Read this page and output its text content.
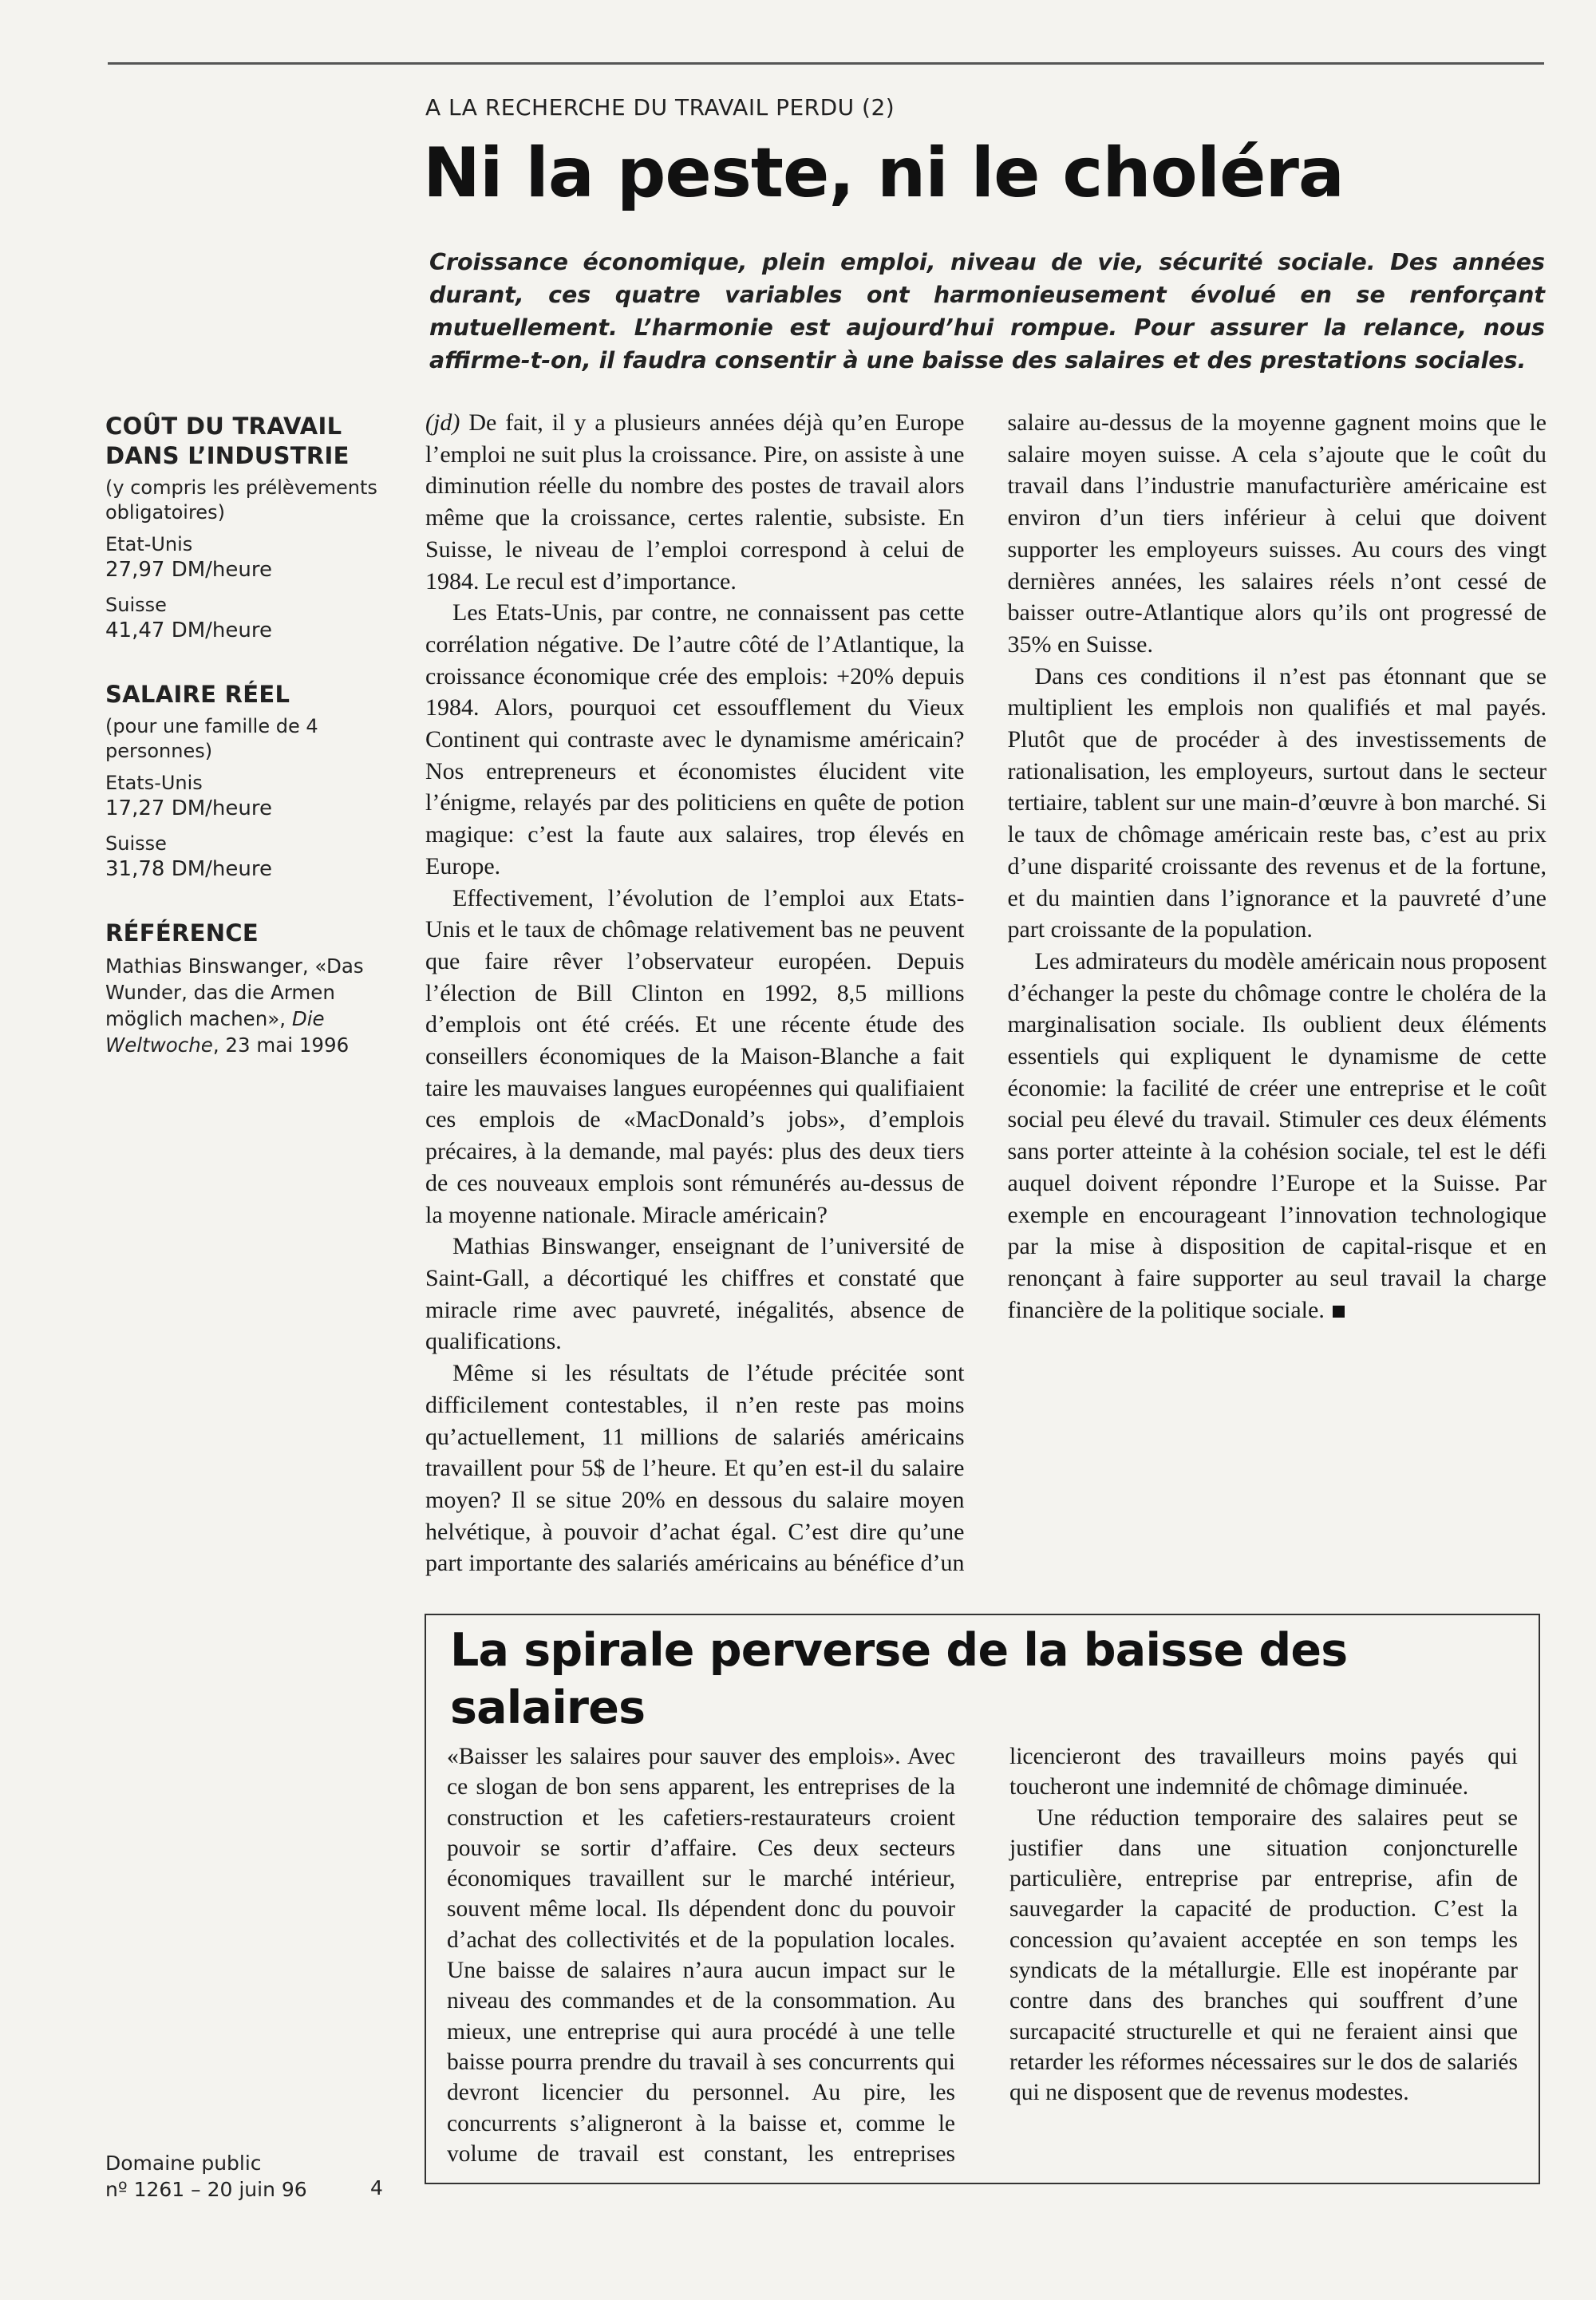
A LA RECHERCHE DU TRAVAIL PERDU (2)
Ni la peste, ni le choléra
Croissance économique, plein emploi, niveau de vie, sécurité sociale. Des années durant, ces quatre variables ont harmonieusement évolué en se renforçant mutuellement. L’harmonie est aujourd’hui rompue. Pour assurer la relance, nous affirme-t-on, il faudra consentir à une baisse des salaires et des prestations sociales.
COÛT DU TRAVAIL DANS L’INDUSTRIE
(y compris les prélèvements obligatoires)
Etat-Unis
27,97 DM/heure
Suisse
41,47 DM/heure
SALAIRE RÉEL
(pour une famille de 4 personnes)
Etats-Unis
17,27 DM/heure
Suisse
31,78 DM/heure
RÉFÉRENCE
Mathias Binswanger, «Das Wunder, das die Armen möglich machen», Die Weltwoche, 23 mai 1996

(jd) De fait, il y a plusieurs années déjà qu’en Europe l’emploi ne suit plus la croissance. Pire, on assiste à une diminution réelle du nombre des postes de travail alors même que la croissance, certes ralentie, subsiste. En Suisse, le niveau de l’emploi correspond à celui de 1984. Le recul est d’importance.

Les Etats-Unis, par contre, ne connaissent pas cette corrélation négative. De l’autre côté de l’Atlantique, la croissance économique crée des emplois: +20% depuis 1984. Alors, pourquoi cet essoufflement du Vieux Continent qui contraste avec le dynamisme américain? Nos entrepreneurs et économistes élucident vite l’énigme, relayés par des politiciens en quête de potion magique: c’est la faute aux salaires, trop élevés en Europe.

Effectivement, l’évolution de l’emploi aux Etats-Unis et le taux de chômage relativement bas ne peuvent que faire rêver l’observateur européen. Depuis l’élection de Bill Clinton en 1992, 8,5 millions d’emplois ont été créés. Et une récente étude des conseillers économiques de la Maison-Blanche a fait taire les mauvaises langues européennes qui qualifiaient ces emplois de «MacDonald’s jobs», d’emplois précaires, à la demande, mal payés: plus des deux tiers de ces nouveaux emplois sont rémunérés au-dessus de la moyenne nationale. Miracle américain?

Mathias Binswanger, enseignant de l’université de Saint-Gall, a décortiqué les chiffres et constaté que miracle rime avec pauvreté, inégalités, absence de qualifications.

Même si les résultats de l’étude précitée sont difficilement contestables, il n’en reste pas moins qu’actuellement, 11 millions de salariés américains travaillent pour 5$ de l’heure. Et qu’en est-il du salaire moyen? Il se situe 20% en dessous du salaire moyen helvétique, à pouvoir d’achat égal. C’est dire qu’une part importante des salariés américains au bénéfice d’un salaire au-dessus de la moyenne gagnent moins que le salaire moyen suisse. A cela s’ajoute que le coût du travail dans l’industrie manufacturière américaine est environ d’un tiers inférieur à celui que doivent supporter les employeurs suisses. Au cours des vingt dernières années, les salaires réels n’ont cessé de baisser outre-Atlantique alors qu’ils ont progressé de 35% en Suisse.

Dans ces conditions il n’est pas étonnant que se multiplient les emplois non qualifiés et mal payés. Plutôt que de procéder à des investissements de rationalisation, les employeurs, surtout dans le secteur tertiaire, tablent sur une main-d’œuvre à bon marché. Si le taux de chômage américain reste bas, c’est au prix d’une disparité croissante des revenus et de la fortune, et du maintien dans l’ignorance et la pauvreté d’une part croissante de la population.

Les admirateurs du modèle américain nous proposent d’échanger la peste du chômage contre le choléra de la marginalisation sociale. Ils oublient deux éléments essentiels qui expliquent le dynamisme de cette économie: la facilité de créer une entreprise et le coût social peu élevé du travail. Stimuler ces deux éléments sans porter atteinte à la cohésion sociale, tel est le défi auquel doivent répondre l’Europe et la Suisse. Par exemple en encourageant l’innovation technologique par la mise à disposition de capital-risque et en renonçant à faire supporter au seul travail la charge financière de la politique sociale.

La spirale perverse de la baisse des salaires

«Baisser les salaires pour sauver des emplois». Avec ce slogan de bon sens apparent, les entreprises de la construction et les cafetiers-restaurateurs croient pouvoir se sortir d’affaire. Ces deux secteurs économiques travaillent sur le marché intérieur, souvent même local. Ils dépendent donc du pouvoir d’achat des collectivités et de la population locales. Une baisse de salaires n’aura aucun impact sur le niveau des commandes et de la consommation. Au mieux, une entreprise qui aura procédé à une telle baisse pourra prendre du travail à ses concurrents qui devront licencier du personnel. Au pire, les concurrents s’aligneront à la baisse et, comme le volume de travail est constant, les entreprises licencieront des travailleurs moins payés qui toucheront une indemnité de chômage diminuée.

Une réduction temporaire des salaires peut se justifier dans une situation conjoncturelle particulière, entreprise par entreprise, afin de sauvegarder la capacité de production. C’est la concession qu’avaient acceptée en son temps les syndicats de la métallurgie. Elle est inopérante par contre dans des branches qui souffrent d’une surcapacité structurelle et qui ne feraient ainsi que retarder les réformes nécessaires sur le dos de salariés qui ne disposent que de revenus modestes.

Domaine public
nº 1261 – 20 juin 96	4
